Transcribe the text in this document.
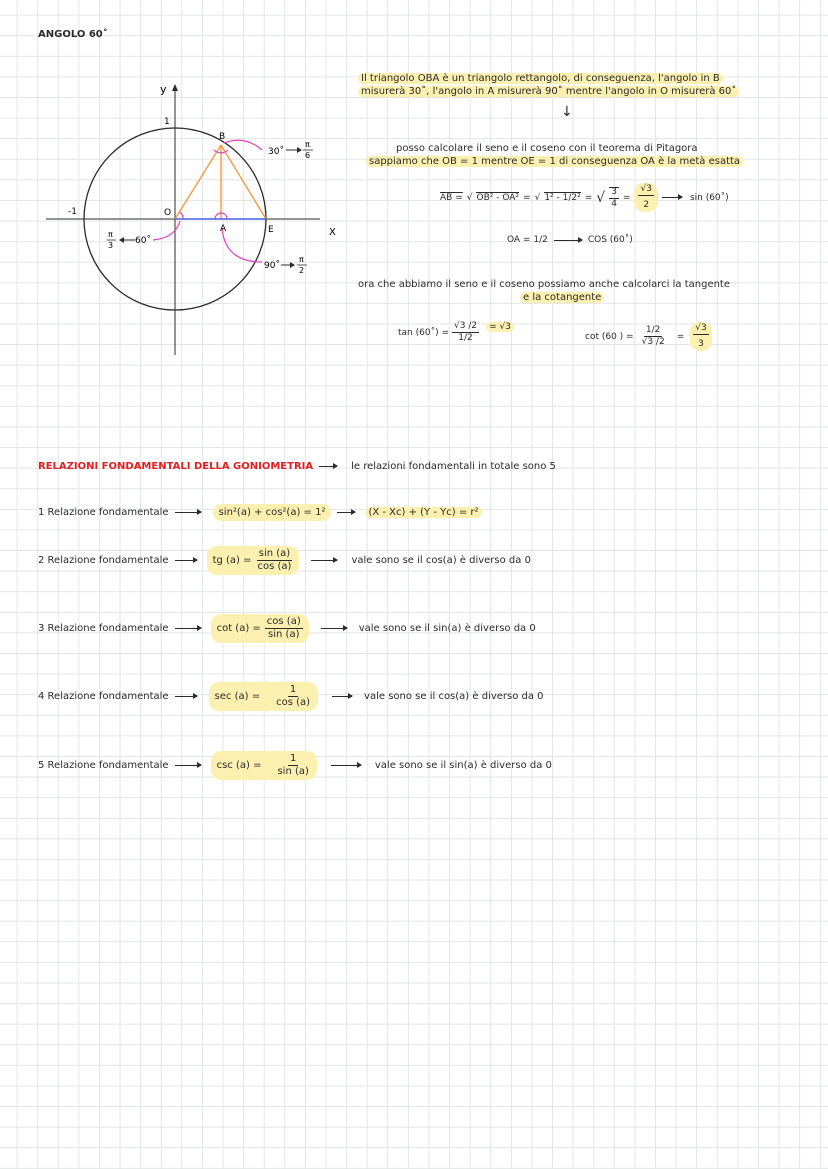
ANGOLO 60˚
y
X
1
-1	O
A
B
E
30˚
π
6
90˚
π
2
60˚
π
3
Il triangolo OBA è un triangolo rettangolo, di conseguenza, l'angolo in B
misurerà 30˚, l'angolo in A misurerà 90˚ mentre l'angolo in O misurerà 60˚
↓
posso calcolare il seno e il coseno con il teorema di Pitagora
sappiamo che OB = 1 mentre OE = 1 di conseguenza OA è la metà esatta
AB = √ OB² - OA² = √ 1² - 1/2² = √ $\frac{3}{4} = \frac{√3}{2}$	sin (60˚)
OA = 1/2	COS (60˚)
ora che abbiamo il seno e il coseno possiamo anche calcolarci la tangente
e la cotangente
tan (60˚) = $\frac{√3 /2}{1/2}$	= √3
cot (60 ) = $\frac{1/2}{√3 /2} = \frac{√3}{3}$
RELAZIONI FONDAMENTALI DELLA GONIOMETRIA	le relazioni fondamentali in totale sono 5
1 Relazione fondamentale	sin²(a) + cos²(a) = 1²	(X - Xc) + (Y - Yc) = r²
2 Relazione fondamentale	tg $(a) = \frac{\sin (a)}{\cos (a)}$	vale sono se il cos(a) è diverso da 0
3 Relazione fondamentale	$\cot (a) = \frac{\cos (a)}{\sin (a)}$	vale sono se il sin(a) è diverso da 0
4 Relazione fondamentale	$\sec (a) = \frac{1}{\cos (a)}$	vale sono se il cos(a) è diverso da 0
5 Relazione fondamentale	$\csc (a) = \frac{1}{\sin (a)}$	vale sono se il sin(a) è diverso da 0
